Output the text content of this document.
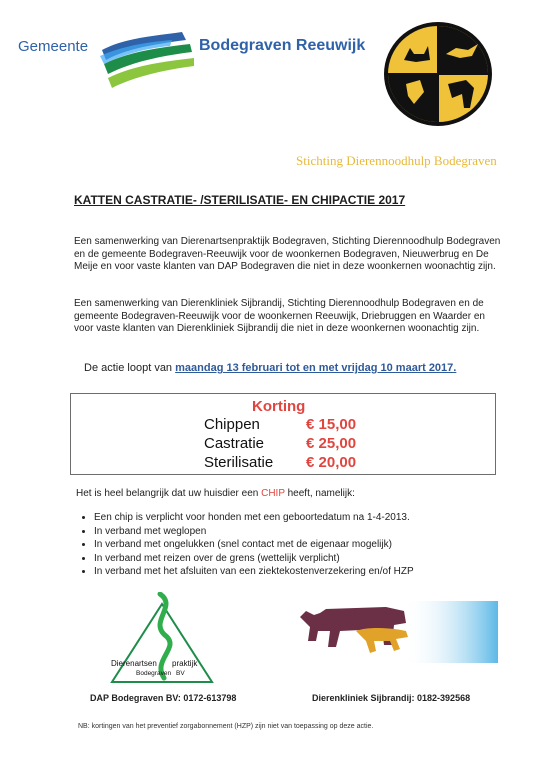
Gemeente	Bodegraven Reeuwijk
Stichting Dierennoodhulp Bodegraven
KATTEN CASTRATIE- /STERILISATIE- EN CHIPACTIE 2017
Een samenwerking van Dierenartsenpraktijk Bodegraven, Stichting Dierennoodhulp Bodegraven en de gemeente Bodegraven-Reeuwijk voor de woonkernen Bodegraven, Nieuwerbrug en De Meije en voor vaste klanten van DAP Bodegraven die niet in deze woonkernen woonachtig zijn.
Een samenwerking van Dierenkliniek Sijbrandij, Stichting Dierennoodhulp Bodegraven en de gemeente Bodegraven-Reeuwijk voor de woonkernen Reeuwijk, Driebruggen en Waarder en voor vaste klanten van Dierenkliniek Sijbrandij die niet in deze woonkernen woonachtig zijn.
De actie loopt van maandag 13 februari tot en met vrijdag 10 maart 2017.
Korting
Chippen	€ 15,00
Castratie	€ 25,00
Sterilisatie € 20,00
Het is heel belangrijk dat uw huisdier een CHIP heeft, namelijk:
• Een chip is verplicht voor honden met een geboortedatum na 1-4-2013.
• In verband met weglopen
• In verband met ongelukken (snel contact met de eigenaar mogelijk)
• In verband met reizen over de grens (wettelijk verplicht)
• In verband met het afsluiten van een ziektekostenverzekering en/of HZP
Dierenartsen praktijk
Bodegraven BV
DAP Bodegraven BV: 0172-613798	Dierenkliniek Sijbrandij: 0182-392568
NB: kortingen van het preventief zorgabonnement (HZP) zijn niet van toepassing op deze actie.
